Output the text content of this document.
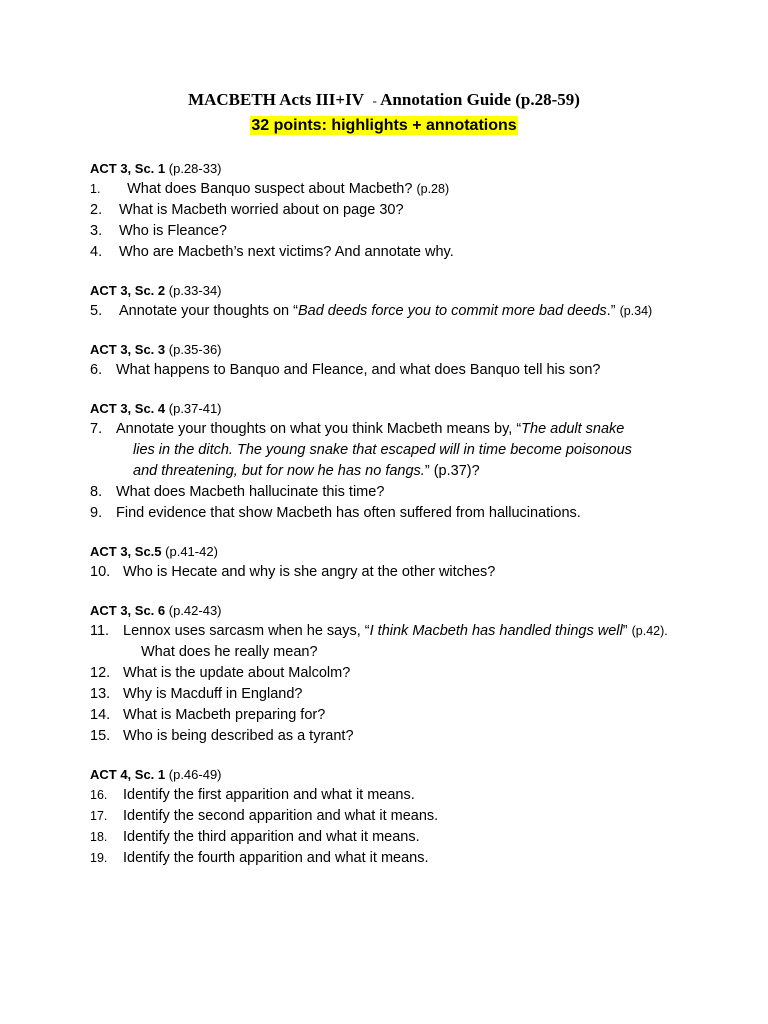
MACBETH Acts III+IV - Annotation Guide (p.28-59)
32 points: highlights + annotations
ACT 3, Sc. 1 (p.28-33)
1.	What does Banquo suspect about Macbeth? (p.28)
2.	What is Macbeth worried about on page 30?
3.	Who is Fleance?
4.	Who are Macbeth’s next victims? And annotate why.
ACT 3, Sc. 2 (p.33-34)
5.	Annotate your thoughts on “Bad deeds force you to commit more bad deeds.” (p.34)
ACT 3, Sc. 3 (p.35-36)
6. What happens to Banquo and Fleance, and what does Banquo tell his son?
ACT 3, Sc. 4 (p.37-41)
7. Annotate your thoughts on what you think Macbeth means by, “The adult snake
lies in the ditch. The young snake that escaped will in time become poisonous
and threatening, but for now he has no fangs.” (p.37)?
8. What does Macbeth hallucinate this time?
9. Find evidence that show Macbeth has often suffered from hallucinations.
ACT 3, Sc.5 (p.41-42)
10. Who is Hecate and why is she angry at the other witches?
ACT 3, Sc. 6 (p.42-43)
11. Lennox uses sarcasm when he says, “I think Macbeth has handled things well” (p.42).
What does he really mean?
12. What is the update about Malcolm?
13. Why is Macduff in England?
14. What is Macbeth preparing for?
15. Who is being described as a tyrant?
ACT 4, Sc. 1 (p.46-49)
16.	Identify the first apparition and what it means.
17.	Identify the second apparition and what it means.
18.	Identify the third apparition and what it means.
19.	Identify the fourth apparition and what it means.
